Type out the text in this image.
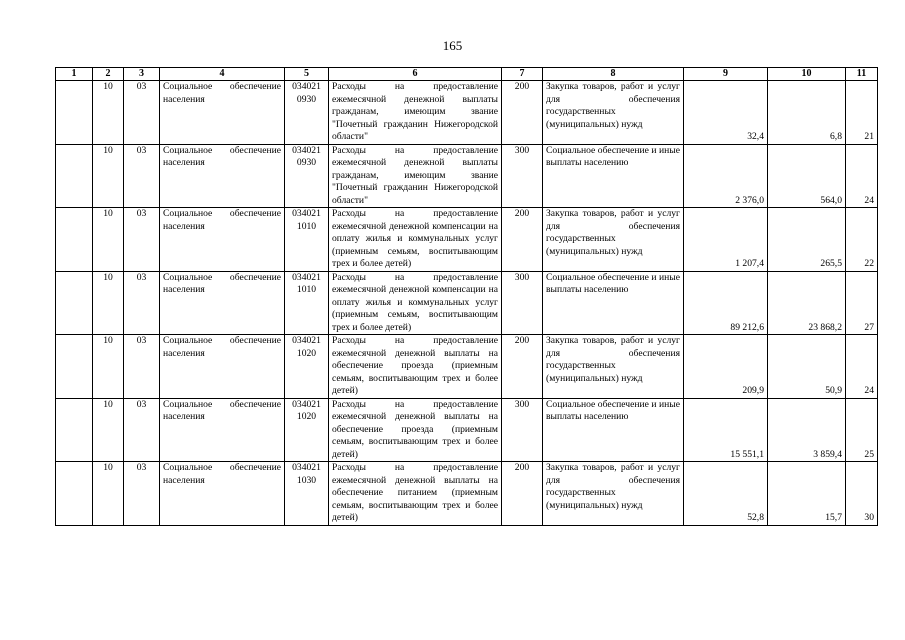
165
1	2	3	4	5	6	7	8	9	10	11
	10	03	Социальное обеспечение населения	034021 0930	Расходы на предоставление ежемесячной денежной выплаты гражданам, имеющим звание "Почетный гражданин Нижегородской области"	200	Закупка товаров, работ и услуг для обеспечения государственных (муниципальных) нужд	32,4	6,8	21
	10	03	Социальное обеспечение населения	034021 0930	Расходы на предоставление ежемесячной денежной выплаты гражданам, имеющим звание "Почетный гражданин Нижегородской области"	300	Социальное обеспечение и иные выплаты населению	2 376,0	564,0	24
	10	03	Социальное обеспечение населения	034021 1010	Расходы на предоставление ежемесячной денежной компенсации на оплату жилья и коммунальных услуг (приемным семьям, воспитывающим трех и более детей)	200	Закупка товаров, работ и услуг для обеспечения государственных (муниципальных) нужд	1 207,4	265,5	22
	10	03	Социальное обеспечение населения	034021 1010	Расходы на предоставление ежемесячной денежной компенсации на оплату жилья и коммунальных услуг (приемным семьям, воспитывающим трех и более детей)	300	Социальное обеспечение и иные выплаты населению	89 212,6	23 868,2	27
	10	03	Социальное обеспечение населения	034021 1020	Расходы на предоставление ежемесячной денежной выплаты на обеспечение проезда (приемным семьям, воспитывающим трех и более детей)	200	Закупка товаров, работ и услуг для обеспечения государственных (муниципальных) нужд	209,9	50,9	24
	10	03	Социальное обеспечение населения	034021 1020	Расходы на предоставление ежемесячной денежной выплаты на обеспечение проезда (приемным семьям, воспитывающим трех и более детей)	300	Социальное обеспечение и иные выплаты населению	15 551,1	3 859,4	25
	10	03	Социальное обеспечение населения	034021 1030	Расходы на предоставление ежемесячной денежной выплаты на обеспечение питанием (приемным семьям, воспитывающим трех и более детей)	200	Закупка товаров, работ и услуг для обеспечения государственных (муниципальных) нужд	52,8	15,7	30
